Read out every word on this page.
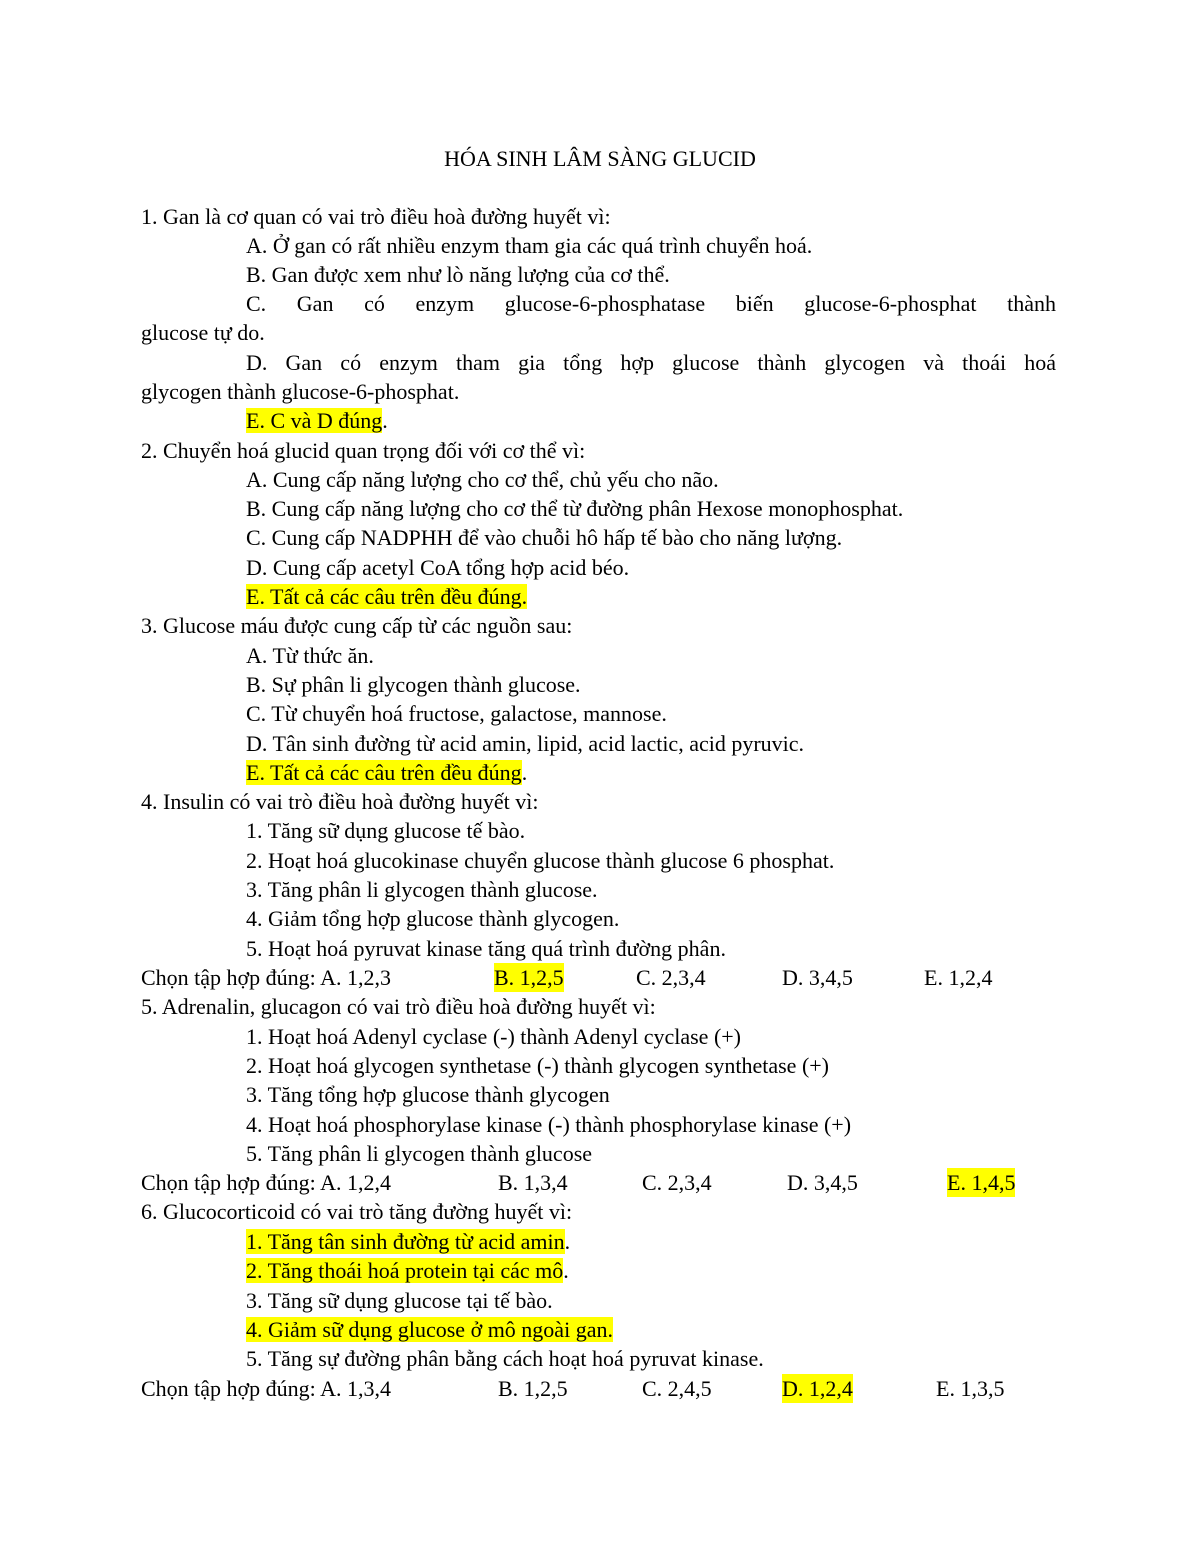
HÓA SINH LÂM SÀNG GLUCID
1. Gan là cơ quan có vai trò điều hoà đường huyết vì:
A. Ở gan có rất nhiều enzym tham gia các quá trình chuyển hoá.
B. Gan được xem như lò năng lượng của cơ thể.
C. Gan có enzym glucose-6-phosphatase biến glucose-6-phosphat thành
glucose tự do.
D. Gan có enzym tham gia tổng hợp glucose thành glycogen và thoái hoá
glycogen thành glucose-6-phosphat.
E. C và D đúng.
2. Chuyển hoá glucid quan trọng đối với cơ thể vì:
A. Cung cấp năng lượng cho cơ thể, chủ yếu cho não.
B. Cung cấp năng lượng cho cơ thể từ đường phân Hexose monophosphat.
C. Cung cấp NADPHH để vào chuỗi hô hấp tế bào cho năng lượng.
D. Cung cấp acetyl CoA tổng hợp acid béo.
E. Tất cả các câu trên đều đúng.
3. Glucose máu được cung cấp từ các nguồn sau:
A. Từ thức ăn.
B. Sự phân li glycogen thành glucose.
C. Từ chuyển hoá fructose, galactose, mannose.
D. Tân sinh đường từ acid amin, lipid, acid lactic, acid pyruvic.
E. Tất cả các câu trên đều đúng.
4. Insulin có vai trò điều hoà đường huyết vì:
1. Tăng sữ dụng glucose tế bào.
2. Hoạt hoá glucokinase chuyển glucose thành glucose 6 phosphat.
3. Tăng phân li glycogen thành glucose.
4. Giảm tổng hợp glucose thành glycogen.
5. Hoạt hoá pyruvat kinase tăng quá trình đường phân.
Chọn tập hợp đúng: A. 1,2,3	B. 1,2,5	C. 2,3,4	D. 3,4,5	E. 1,2,4
5. Adrenalin, glucagon có vai trò điều hoà đường huyết vì:
1. Hoạt hoá Adenyl cyclase (-) thành Adenyl cyclase (+)
2. Hoạt hoá glycogen synthetase (-) thành glycogen synthetase (+)
3. Tăng tổng hợp glucose thành glycogen
4. Hoạt hoá phosphorylase kinase (-) thành phosphorylase kinase (+)
5. Tăng phân li glycogen thành glucose
Chọn tập hợp đúng: A. 1,2,4	B. 1,3,4	C. 2,3,4	D. 3,4,5	E. 1,4,5
6. Glucocorticoid có vai trò tăng đường huyết vì:
1. Tăng tân sinh đường từ acid amin.
2. Tăng thoái hoá protein tại các mô.
3. Tăng sữ dụng glucose tại tế bào.
4. Giảm sữ dụng glucose ở mô ngoài gan.
5. Tăng sự đường phân bằng cách hoạt hoá pyruvat kinase.
Chọn tập hợp đúng: A. 1,3,4	B. 1,2,5	C. 2,4,5	D. 1,2,4	E. 1,3,5
